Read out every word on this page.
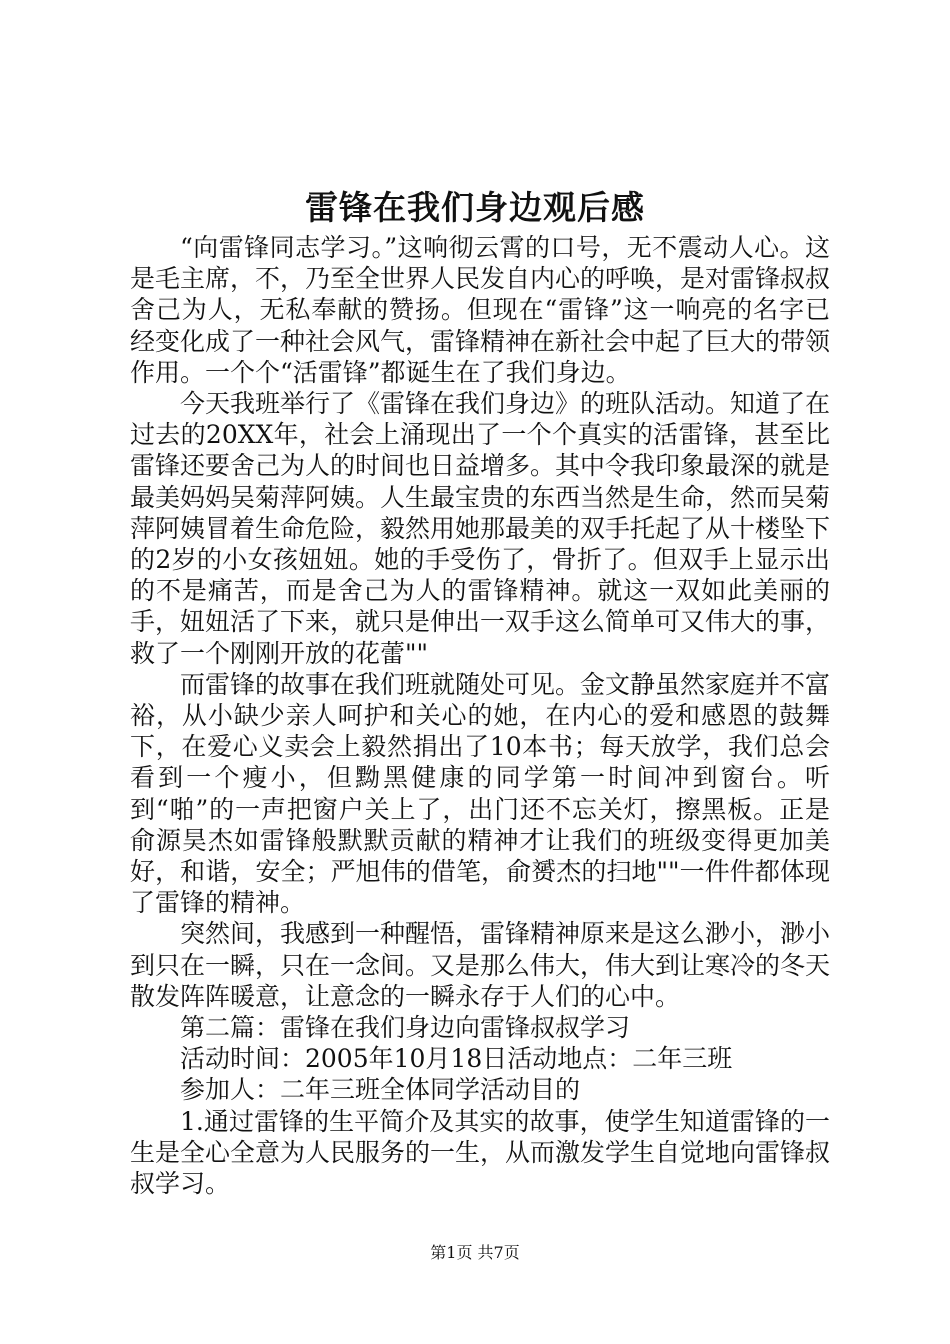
雷锋在我们身边观后感

“向雷锋同志学习。”这响彻云霄的口号，无不震动人心。这是毛主席，不，乃至全世界人民发自内心的呼唤，是对雷锋叔叔舍己为人，无私奉献的赞扬。但现在“雷锋”这一响亮的名字已经变化成了一种社会风气，雷锋精神在新社会中起了巨大的带领作用。一个个“活雷锋”都诞生在了我们身边。

今天我班举行了《雷锋在我们身边》的班队活动。知道了在过去的20XX年，社会上涌现出了一个个真实的活雷锋，甚至比雷锋还要舍己为人的时间也日益增多。其中令我印象最深的就是最美妈妈吴菊萍阿姨。人生最宝贵的东西当然是生命，然而吴菊萍阿姨冒着生命危险，毅然用她那最美的双手托起了从十楼坠下的2岁的小女孩妞妞。她的手受伤了，骨折了。但双手上显示出的不是痛苦，而是舍己为人的雷锋精神。就这一双如此美丽的手，妞妞活了下来，就只是伸出一双手这么简单可又伟大的事，救了一个刚刚开放的花蕾""

而雷锋的故事在我们班就随处可见。金文静虽然家庭并不富裕，从小缺少亲人呵护和关心的她，在内心的爱和感恩的鼓舞下，在爱心义卖会上毅然捐出了10本书；每天放学，我们总会看到一个瘦小，但黝黑健康的同学第一时间冲到窗台。听到“啪”的一声把窗户关上了，出门还不忘关灯，擦黑板。正是俞源昊杰如雷锋般默默贡献的精神才让我们的班级变得更加美好，和谐，安全；严旭伟的借笔，俞赟杰的扫地""一件件都体现了雷锋的精神。

突然间，我感到一种醒悟，雷锋精神原来是这么渺小，渺小到只在一瞬，只在一念间。又是那么伟大，伟大到让寒冷的冬天散发阵阵暖意，让意念的一瞬永存于人们的心中。

第二篇：雷锋在我们身边向雷锋叔叔学习

活动时间：2005年10月18日活动地点：二年三班

参加人：二年三班全体同学活动目的

1.通过雷锋的生平简介及其实的故事，使学生知道雷锋的一生是全心全意为人民服务的一生，从而激发学生自觉地向雷锋叔叔学习。

第1页 共7页
